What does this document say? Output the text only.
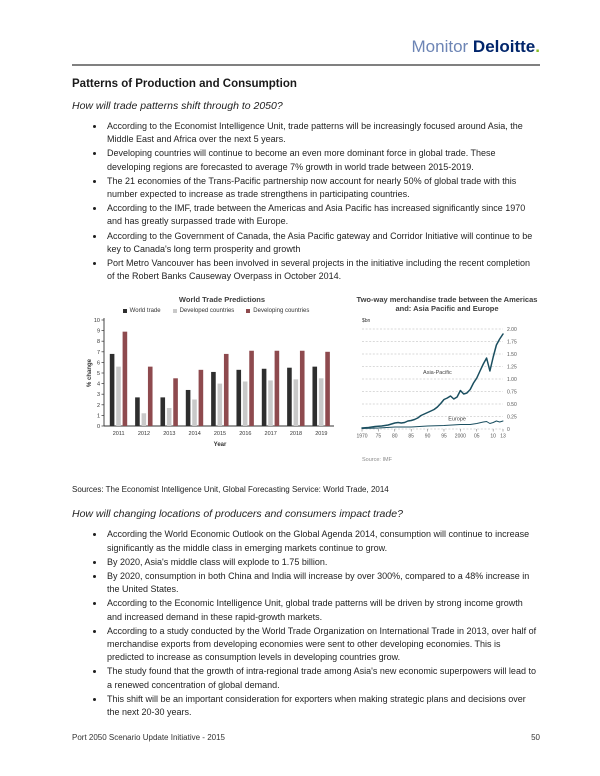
Monitor Deloitte.
Patterns of Production and Consumption
How will trade patterns shift through to 2050?
• According to the Economist Intelligence Unit, trade patterns will be increasingly focused around Asia, the Middle East and Africa over the next 5 years.
• Developing countries will continue to become an even more dominant force in global trade. These developing regions are forecasted to average 7% growth in world trade between 2015-2019.
• The 21 economies of the Trans-Pacific partnership now account for nearly 50% of global trade with this number expected to increase as trade strengthens in participating countries.
• According to the IMF, trade between the Americas and Asia Pacific has increased significantly since 1970 and has greatly surpassed trade with Europe.
• According to the Government of Canada, the Asia Pacific gateway and Corridor Initiative will continue to be key to Canada's long term prosperity and growth
• Port Metro Vancouver has been involved in several projects in the initiative including the recent completion of the Robert Banks Causeway Overpass in October 2014.
World Trade Predictions
World trade	Developed countries	Developing countries
0
1
2
3
4
5
6
7
8
9
10
2011 2012 2013 2014 2015 2016 2017 2018 2019
Year
% change
Two-way merchandise trade between the Americas and: Asia Pacific and Europe
$bn
0
0.25
0.50
0.75
1.00
1.25
1.50
1.75
2.00
1970 75 80 85 90 95 2000 05 10 13
Asia-Pacific
Europe
Source: IMF
Sources: The Economist Intelligence Unit, Global Forecasting Service: World Trade, 2014
How will changing locations of producers and consumers impact trade?
• According the World Economic Outlook on the Global Agenda 2014, consumption will continue to increase significantly as the middle class in emerging markets continue to grow.
• By 2020, Asia's middle class will explode to 1.75 billion.
• By 2020, consumption in both China and India will increase by over 300%, compared to a 48% increase in the United States.
• According to the Economic Intelligence Unit, global trade patterns will be driven by strong income growth and increased demand in these rapid-growth markets.
• According to a study conducted by the World Trade Organization on International Trade in 2013, over half of merchandise exports from developing economies were sent to other developing economies. This is predicted to increase as consumption levels in developing countries grow.
• The study found that the growth of intra-regional trade among Asia's new economic superpowers will lead to a renewed concentration of global demand.
• This shift will be an important consideration for exporters when making strategic plans and decisions over the next 20-30 years.
Port 2050 Scenario Update Initiative - 2015	50
